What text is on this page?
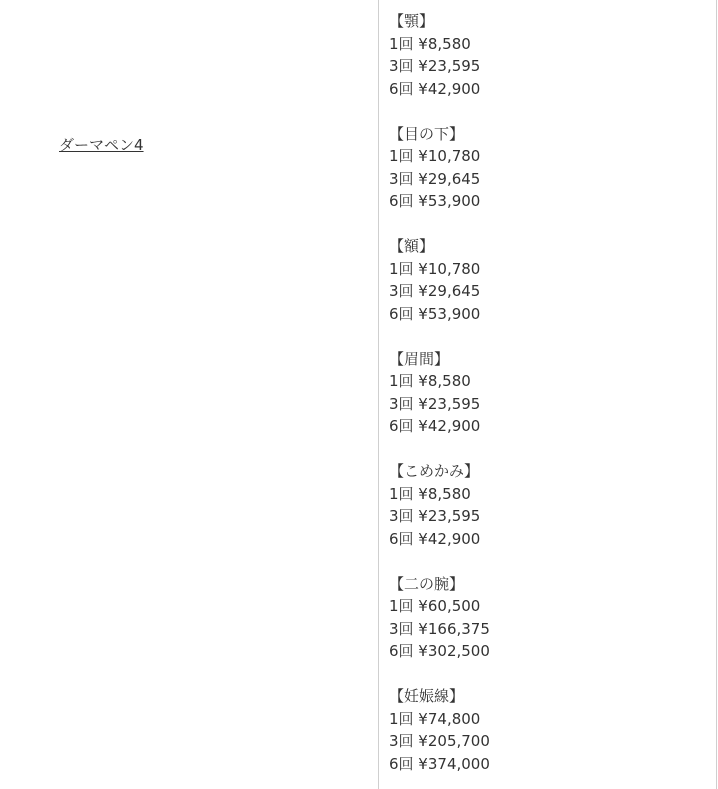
ダーマペン4
【顎】
1回 ¥8,580
3回 ¥23,595
6回 ¥42,900
【目の下】
1回 ¥10,780
3回 ¥29,645
6回 ¥53,900
【額】
1回 ¥10,780
3回 ¥29,645
6回 ¥53,900
【眉間】
1回 ¥8,580
3回 ¥23,595
6回 ¥42,900
【こめかみ】
1回 ¥8,580
3回 ¥23,595
6回 ¥42,900
【二の腕】
1回 ¥60,500
3回 ¥166,375
6回 ¥302,500
【妊娠線】
1回 ¥74,800
3回 ¥205,700
6回 ¥374,000
